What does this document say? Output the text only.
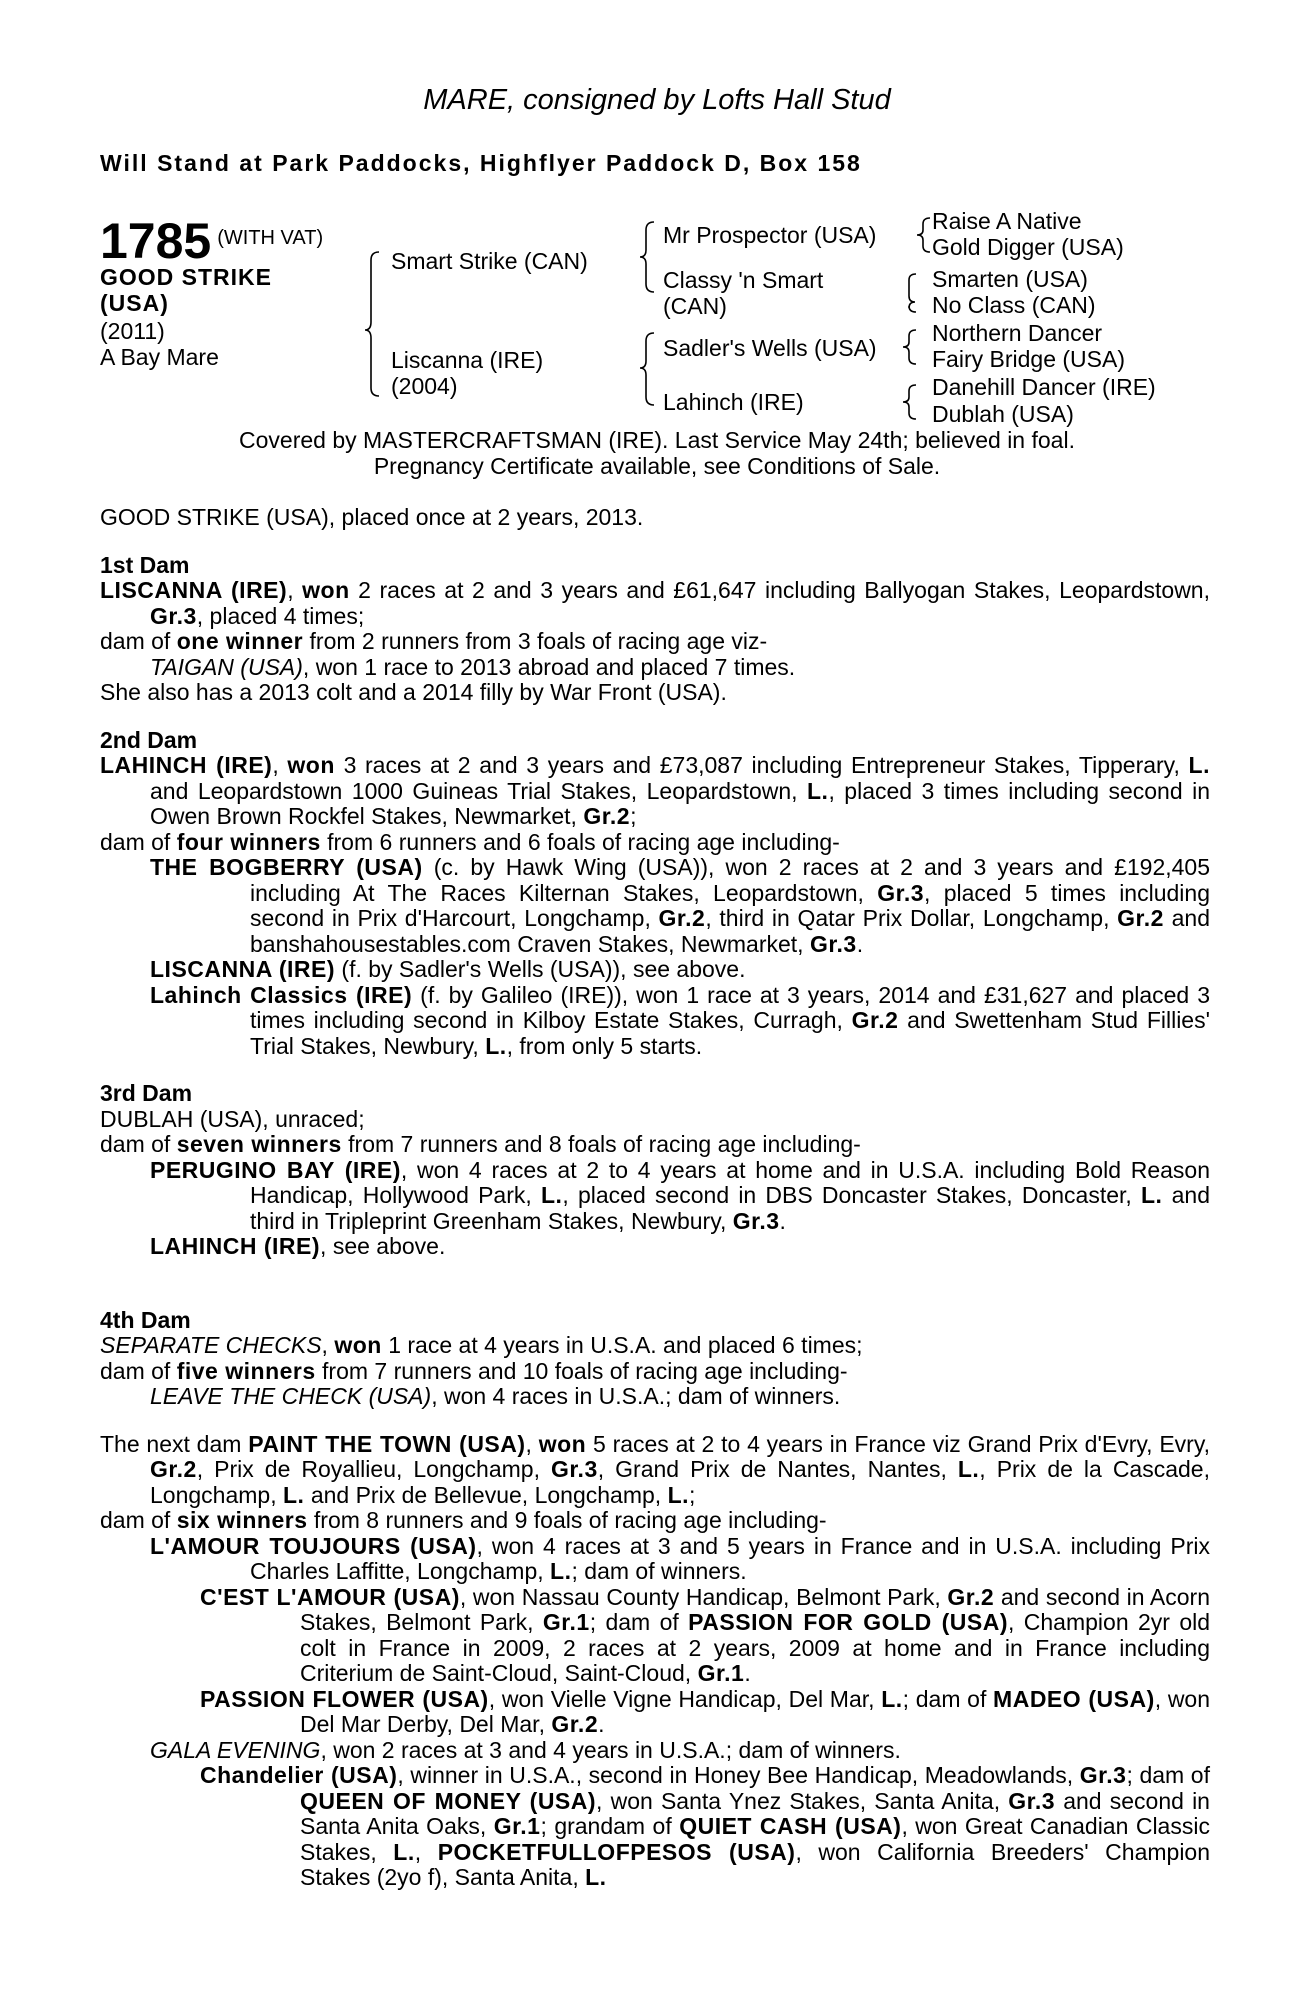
MARE, consigned by Lofts Hall Stud
Will Stand at Park Paddocks, Highflyer Paddock D, Box 158
1785 (WITH VAT)
GOOD STRIKE
(USA)
(2011)
A Bay Mare
Smart Strike (CAN)
Liscanna (IRE)
(2004)
Mr Prospector (USA)
Classy 'n Smart
(CAN)
Sadler's Wells (USA)
Lahinch (IRE)
Raise A Native
Gold Digger (USA)
Smarten (USA)
No Class (CAN)
Northern Dancer
Fairy Bridge (USA)
Danehill Dancer (IRE)
Dublah (USA)
Covered by MASTERCRAFTSMAN (IRE). Last Service May 24th; believed in foal.
Pregnancy Certificate available, see Conditions of Sale.

GOOD STRIKE (USA), placed once at 2 years, 2013.

1st Dam

LISCANNA (IRE), won 2 races at 2 and 3 years and £61,647 including Ballyogan Stakes, Leopardstown, Gr.3, placed 4 times;

dam of one winner from 2 runners from 3 foals of racing age viz-

TAIGAN (USA), won 1 race to 2013 abroad and placed 7 times.

She also has a 2013 colt and a 2014 filly by War Front (USA).

2nd Dam

LAHINCH (IRE), won 3 races at 2 and 3 years and £73,087 including Entrepreneur Stakes, Tipperary, L. and Leopardstown 1000 Guineas Trial Stakes, Leopardstown, L., placed 3 times including second in Owen Brown Rockfel Stakes, Newmarket, Gr.2;

dam of four winners from 6 runners and 6 foals of racing age including-

THE BOGBERRY (USA) (c. by Hawk Wing (USA)), won 2 races at 2 and 3 years and £192,405 including At The Races Kilternan Stakes, Leopardstown, Gr.3, placed 5 times including second in Prix d'Harcourt, Longchamp, Gr.2, third in Qatar Prix Dollar, Longchamp, Gr.2 and banshahousestables.com Craven Stakes, Newmarket, Gr.3.

LISCANNA (IRE) (f. by Sadler's Wells (USA)), see above.

Lahinch Classics (IRE) (f. by Galileo (IRE)), won 1 race at 3 years, 2014 and £31,627 and placed 3 times including second in Kilboy Estate Stakes, Curragh, Gr.2 and Swettenham Stud Fillies' Trial Stakes, Newbury, L., from only 5 starts.

3rd Dam

DUBLAH (USA), unraced;

dam of seven winners from 7 runners and 8 foals of racing age including-

PERUGINO BAY (IRE), won 4 races at 2 to 4 years at home and in U.S.A. including Bold Reason Handicap, Hollywood Park, L., placed second in DBS Doncaster Stakes, Doncaster, L. and third in Tripleprint Greenham Stakes, Newbury, Gr.3.

LAHINCH (IRE), see above.

4th Dam

SEPARATE CHECKS, won 1 race at 4 years in U.S.A. and placed 6 times;

dam of five winners from 7 runners and 10 foals of racing age including-

LEAVE THE CHECK (USA), won 4 races in U.S.A.; dam of winners.

The next dam PAINT THE TOWN (USA), won 5 races at 2 to 4 years in France viz Grand Prix d'Evry, Evry, Gr.2, Prix de Royallieu, Longchamp, Gr.3, Grand Prix de Nantes, Nantes, L., Prix de la Cascade, Longchamp, L. and Prix de Bellevue, Longchamp, L.;

dam of six winners from 8 runners and 9 foals of racing age including-

L'AMOUR TOUJOURS (USA), won 4 races at 3 and 5 years in France and in U.S.A. including Prix Charles Laffitte, Longchamp, L.; dam of winners.

C'EST L'AMOUR (USA), won Nassau County Handicap, Belmont Park, Gr.2 and second in Acorn Stakes, Belmont Park, Gr.1; dam of PASSION FOR GOLD (USA), Champion 2yr old colt in France in 2009, 2 races at 2 years, 2009 at home and in France including Criterium de Saint-Cloud, Saint-Cloud, Gr.1.

PASSION FLOWER (USA), won Vielle Vigne Handicap, Del Mar, L.; dam of MADEO (USA), won Del Mar Derby, Del Mar, Gr.2.

GALA EVENING, won 2 races at 3 and 4 years in U.S.A.; dam of winners.

Chandelier (USA), winner in U.S.A., second in Honey Bee Handicap, Meadowlands, Gr.3; dam of QUEEN OF MONEY (USA), won Santa Ynez Stakes, Santa Anita, Gr.3 and second in Santa Anita Oaks, Gr.1; grandam of QUIET CASH (USA), won Great Canadian Classic Stakes, L., POCKETFULLOFPESOS (USA), won California Breeders' Champion Stakes (2yo f), Santa Anita, L.
